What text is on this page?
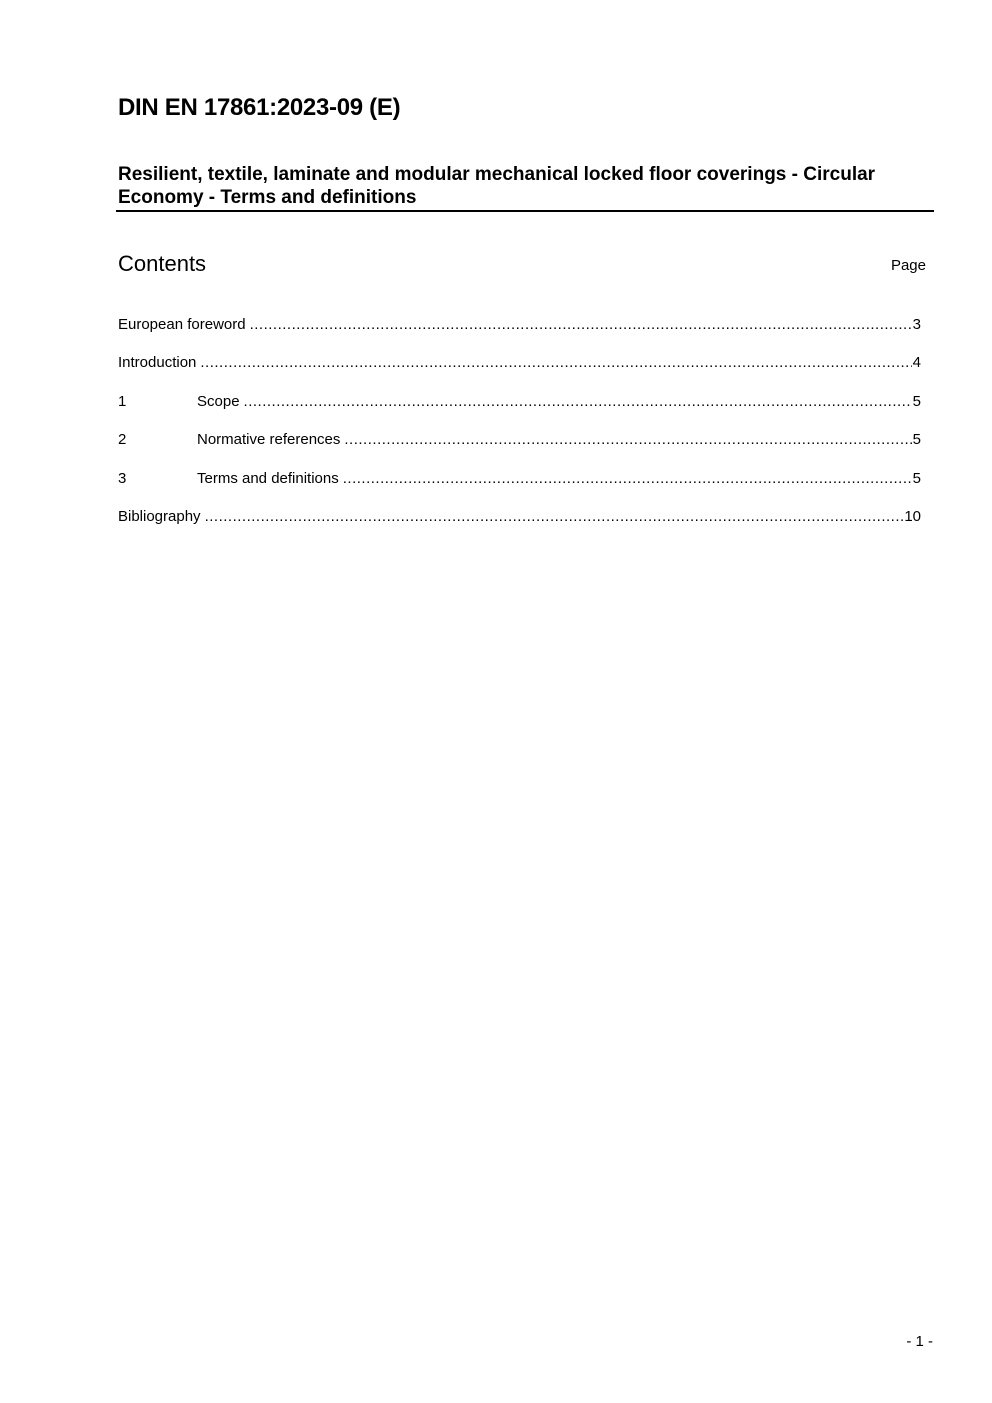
DIN EN 17861:2023-09 (E)
Resilient, textile, laminate and modular mechanical locked floor coverings - Circular Economy - Terms and definitions
Contents	Page
European foreword .....	3
Introduction .....	4
1	Scope .....	5
2	Normative references .....	5
3	Terms and definitions .....	5
Bibliography .....	10
- 1 -
